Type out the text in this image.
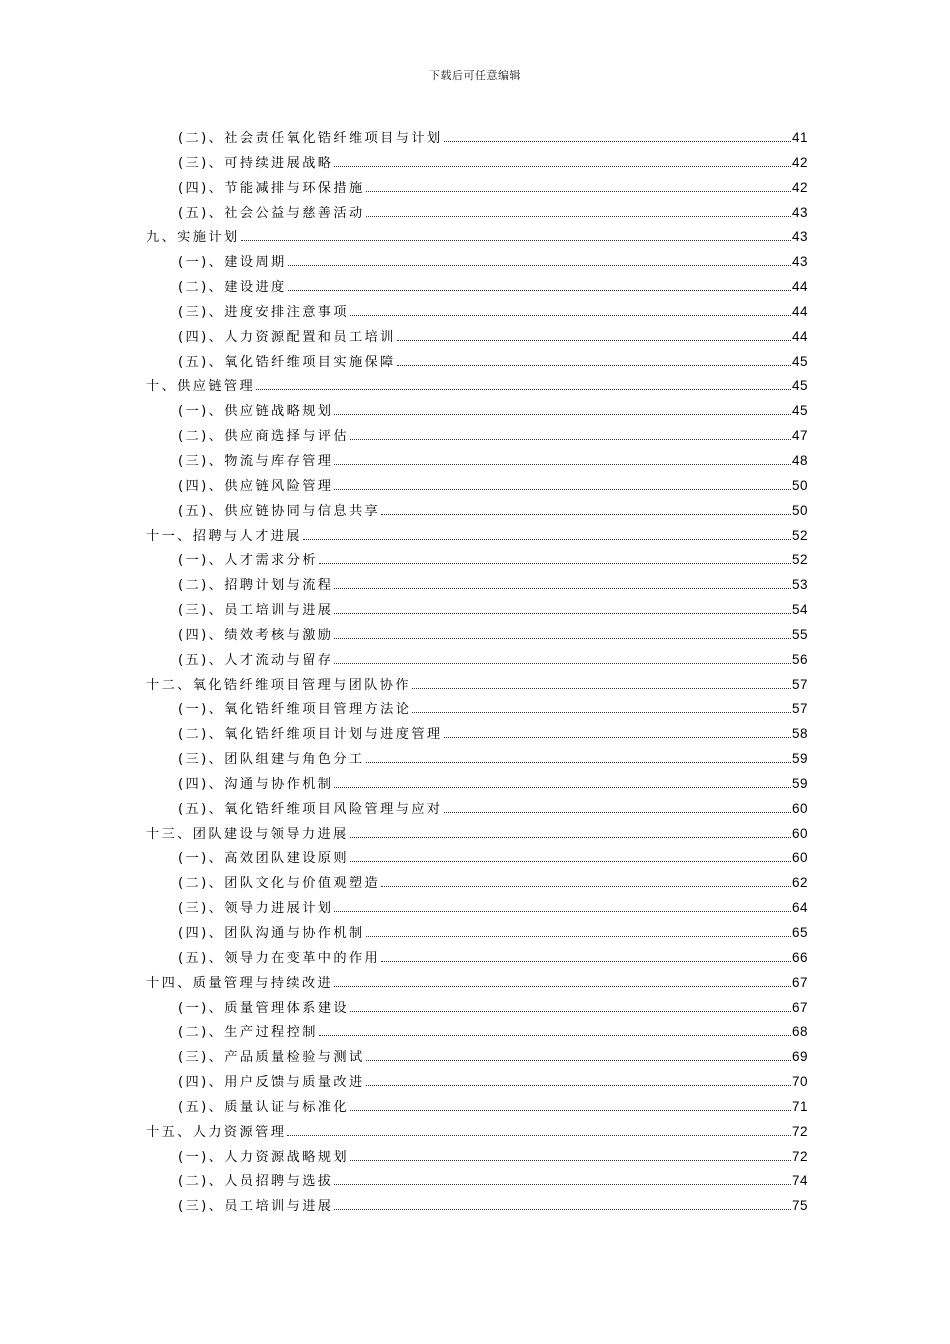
下载后可任意编辑
(二)、社会责任氧化锆纤维项目与计划	41
(三)、可持续进展战略	42
(四)、节能减排与环保措施	42
(五)、社会公益与慈善活动	43
九、实施计划	43
(一)、建设周期	43
(二)、建设进度	44
(三)、进度安排注意事项	44
(四)、人力资源配置和员工培训	44
(五)、氧化锆纤维项目实施保障	45
十、供应链管理	45
(一)、供应链战略规划	45
(二)、供应商选择与评估	47
(三)、物流与库存管理	48
(四)、供应链风险管理	50
(五)、供应链协同与信息共享	50
十一、招聘与人才进展	52
(一)、人才需求分析	52
(二)、招聘计划与流程	53
(三)、员工培训与进展	54
(四)、绩效考核与激励	55
(五)、人才流动与留存	56
十二、氧化锆纤维项目管理与团队协作	57
(一)、氧化锆纤维项目管理方法论	57
(二)、氧化锆纤维项目计划与进度管理	58
(三)、团队组建与角色分工	59
(四)、沟通与协作机制	59
(五)、氧化锆纤维项目风险管理与应对	60
十三、团队建设与领导力进展	60
(一)、高效团队建设原则	60
(二)、团队文化与价值观塑造	62
(三)、领导力进展计划	64
(四)、团队沟通与协作机制	65
(五)、领导力在变革中的作用	66
十四、质量管理与持续改进	67
(一)、质量管理体系建设	67
(二)、生产过程控制	68
(三)、产品质量检验与测试	69
(四)、用户反馈与质量改进	70
(五)、质量认证与标准化	71
十五、人力资源管理	72
(一)、人力资源战略规划	72
(二)、人员招聘与选拔	74
(三)、员工培训与进展	75
